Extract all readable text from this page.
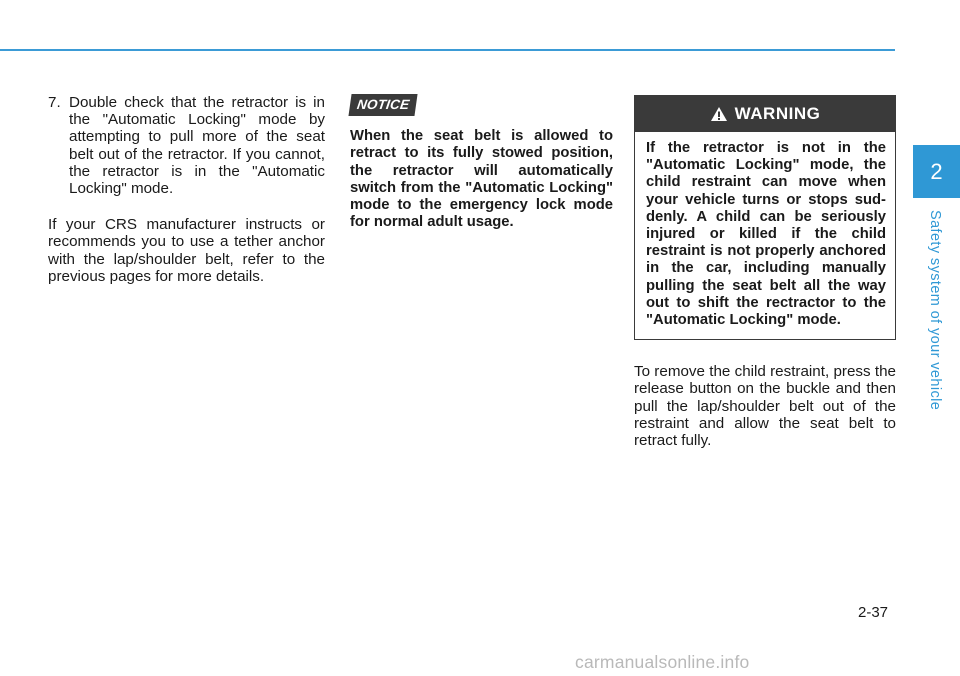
7. Double check that the retractor is in the "Automatic Locking" mode by attempting to pull more of the seat belt out of the retractor. If you cannot, the retractor is in the "Automatic Locking" mode.
If your CRS manufacturer instructs or recommends you to use a tether anchor with the lap/shoulder belt, refer to the previous pages for more details.
NOTICE
When the seat belt is allowed to retract to its fully stowed position, the retractor will automatically switch from the "Automatic Locking" mode to the emergency lock mode for normal adult usage.
WARNING
If the retractor is not in the "Automatic Locking" mode, the child restraint can move when your vehicle turns or stops sud-denly. A child can be seriously injured or killed if the child restraint is not properly anchored in the car, including manually pulling the seat belt all the way out to shift the rectractor to the "Automatic Locking" mode.
To remove the child restraint, press the release button on the buckle and then pull the lap/shoulder belt out of the restraint and allow the seat belt to retract fully.
2
Safety system of your vehicle
2-37
carmanualsonline.info
